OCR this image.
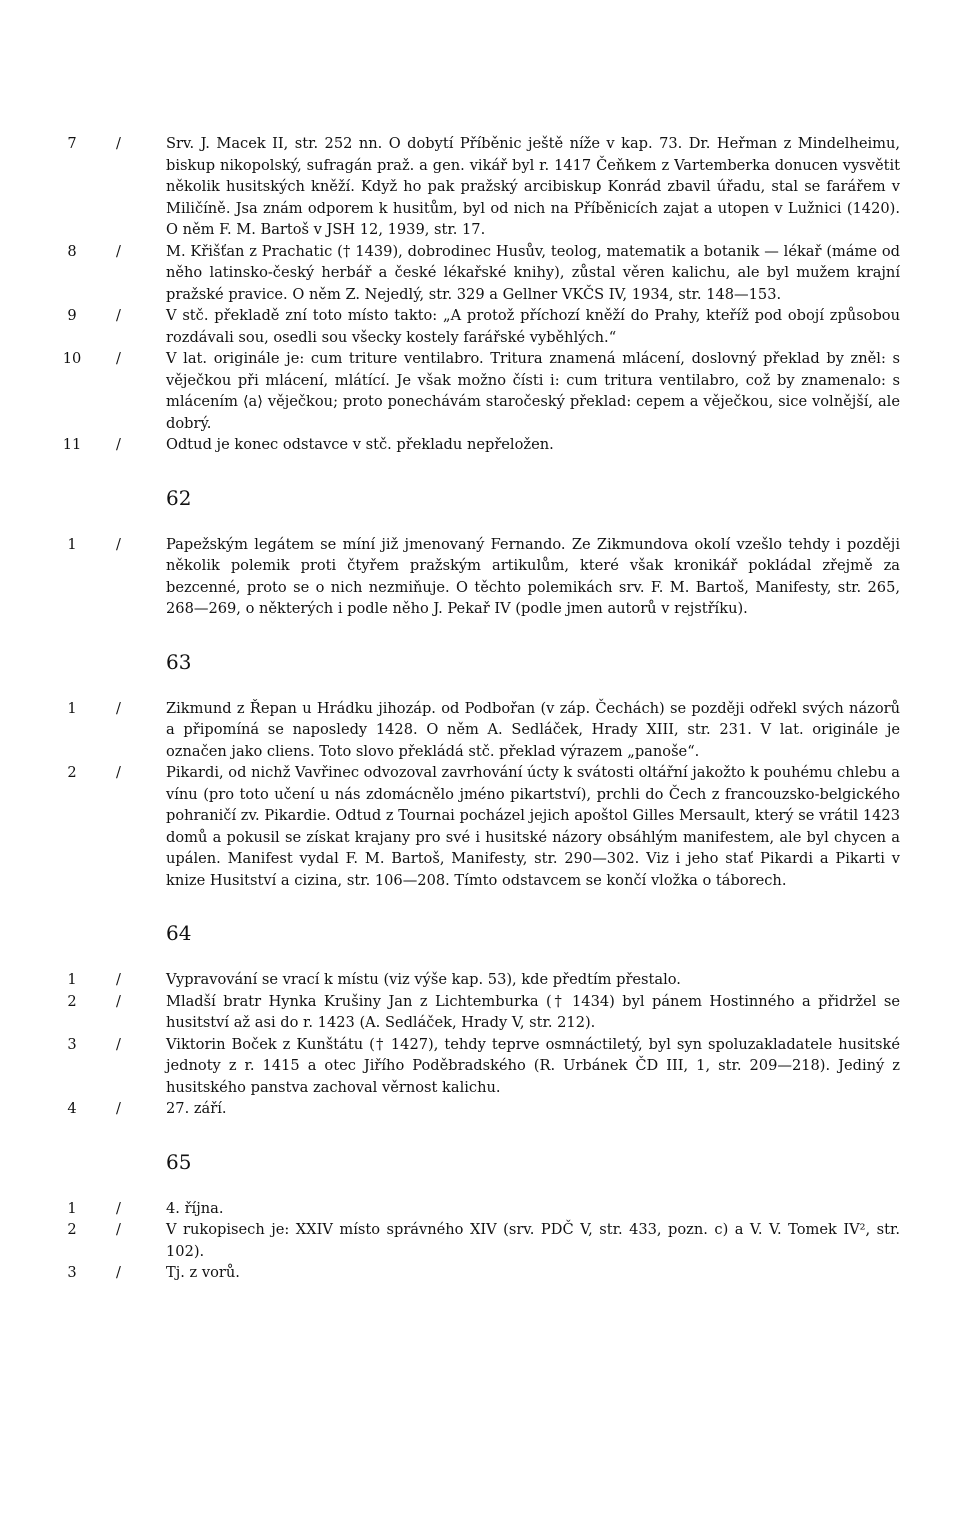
7	/	Srv. J. Macek II, str. 252 nn. O dobytí Příběnic ještě níže v kap. 73. Dr. Heřman z Mindelheimu, biskup nikopolský, sufragán praž. a gen. vikář byl r. 1417 Čeňkem z Vartemberka donucen vysvětit několik husitských kněží. Když ho pak pražský arcibiskup Konrád zbavil úřadu, stal se farářem v Miličíně. Jsa znám odporem k husitům, byl od nich na Příběnicích zajat a utopen v Lužnici (1420). O něm F. M. Bartoš v JSH 12, 1939, str. 17.

8	/	M. Křišťan z Prachatic († 1439), dobrodinec Husův, teolog, matematik a botanik — lékař (máme od něho latinsko-český herbář a české lékařské knihy), zůstal věren kalichu, ale byl mužem krajní pražské pravice. O něm Z. Nejedlý, str. 329 a Gellner VKČS IV, 1934, str. 148—153.

9	/	V stč. překladě zní toto místo takto: „A protož příchozí kněží do Prahy, kteříž pod obojí způsobou rozdávali sou, osedli sou všecky kostely farářské vyběhlých.“

10 /	V lat. originále je: cum triture ventilabro. Tritura znamená mlácení, doslovný překlad by zněl: s věječkou při mlácení, mlátící. Je však možno čísti i: cum tritura ventilabro, což by znamenalo: s mlácením ⟨a⟩ věječkou; proto ponechávám staročeský překlad: cepem a věječkou, sice volnější, ale dobrý.

11 /	Odtud je konec odstavce v stč. překladu nepřeložen.

62

1	/	Papežským legátem se míní již jmenovaný Fernando. Ze Zikmundova okolí vzešlo tehdy i později několik polemik proti čtyřem pražským artikulům, které však kronikář pokládal zřejmě za bezcenné, proto se o nich nezmiňuje. O těchto polemikách srv. F. M. Bartoš, Manifesty, str. 265, 268—269, o některých i podle něho J. Pekař IV (podle jmen autorů v rejstříku).

63

1	/	Zikmund z Řepan u Hrádku jihozáp. od Podbořan (v záp. Čechách) se později odřekl svých názorů a připomíná se naposledy 1428. O něm A. Sedláček, Hrady XIII, str. 231. V lat. originále je označen jako cliens. Toto slovo překládá stč. překlad výrazem „panoše“.

2	/	Pikardi, od nichž Vavřinec odvozoval zavrhování úcty k svátosti oltářní jakožto k pouhému chlebu a vínu (pro toto učení u nás zdomácnělo jméno pikartství), prchli do Čech z francouzsko-belgického pohraničí zv. Pikardie. Odtud z Tournai pocházel jejich apoštol Gilles Mersault, který se vrátil 1423 domů a pokusil se získat krajany pro své i husitské názory obsáhlým manifestem, ale byl chycen a upálen. Manifest vydal F. M. Bartoš, Manifesty, str. 290—302. Viz i jeho stať Pikardi a Pikarti v knize Husitství a cizina, str. 106—208. Tímto odstavcem se končí vložka o táborech.

64

1	/	Vypravování se vrací k místu (viz výše kap. 53), kde předtím přestalo.

2	/	Mladší bratr Hynka Krušiny Jan z Lichtemburka († 1434) byl pánem Hostinného a přidržel se husitství až asi do r. 1423 (A. Sedláček, Hrady V, str. 212).

3	/	Viktorin Boček z Kunštátu († 1427), tehdy teprve osmnáctiletý, byl syn spoluzakladatele husitské jednoty z r. 1415 a otec Jiřího Poděbradského (R. Urbánek ČD III, 1, str. 209—218). Jediný z husitského panstva zachoval věrnost kalichu.

4	/	27. září.

65

1	/	4. října.

2	/	V rukopisech je: XXIV místo správného XIV (srv. PDČ V, str. 433, pozn. c) a V. V. Tomek IV², str. 102).

3	/	Tj. z vorů.
